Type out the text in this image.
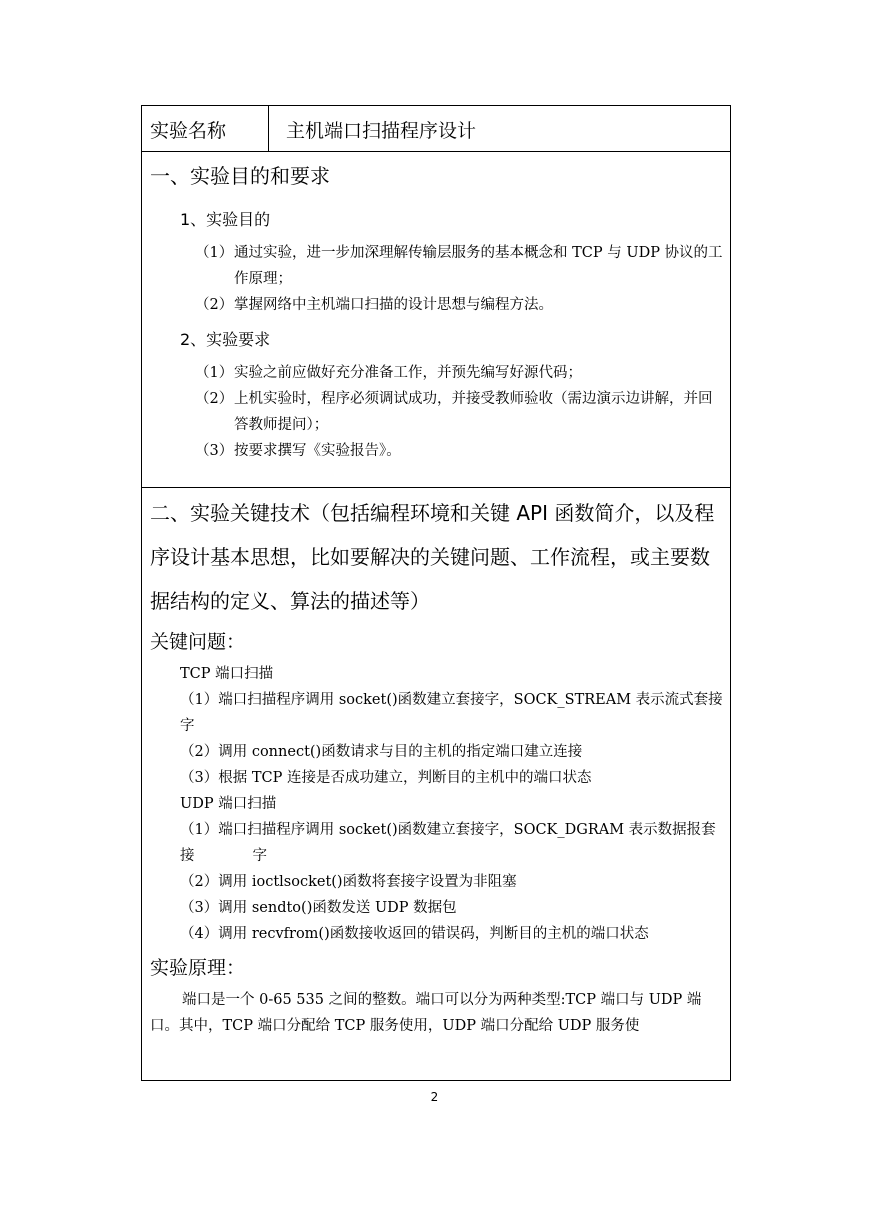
实验名称	主机端口扫描程序设计
一、实验目的和要求
1、实验目的
（1） 通过实验，进一步加深理解传输层服务的基本概念和 TCP 与 UDP 协议的工作原理；
（2） 掌握网络中主机端口扫描的设计思想与编程方法。
2、实验要求
（1） 实验之前应做好充分准备工作，并预先编写好源代码；
（2） 上机实验时，程序必须调试成功，并接受教师验收（需边演示边讲解，并回答教师提问）；
（3） 按要求撰写《实验报告》。
二、实验关键技术（包括编程环境和关键 API 函数简介，以及程序设计基本思想，比如要解决的关键问题、工作流程，或主要数据结构的定义、算法的描述等）
关键问题：
TCP 端口扫描
（1）端口扫描程序调用 socket()函数建立套接字，SOCK_STREAM 表示流式套接字
（2）调用 connect()函数请求与目的主机的指定端口建立连接
（3）根据 TCP 连接是否成功建立，判断目的主机中的端口状态
UDP 端口扫描
（1）端口扫描程序调用 socket()函数建立套接字，SOCK_DGRAM 表示数据报套接　　　　字
（2）调用 ioctlsocket()函数将套接字设置为非阻塞
（3）调用 sendto()函数发送 UDP 数据包
（4）调用 recvfrom()函数接收返回的错误码，判断目的主机的端口状态
实验原理：
端口是一个 0-65 535 之间的整数。端口可以分为两种类型:TCP 端口与 UDP 端口。其中，TCP 端口分配给 TCP 服务使用，UDP 端口分配给 UDP 服务使
2
